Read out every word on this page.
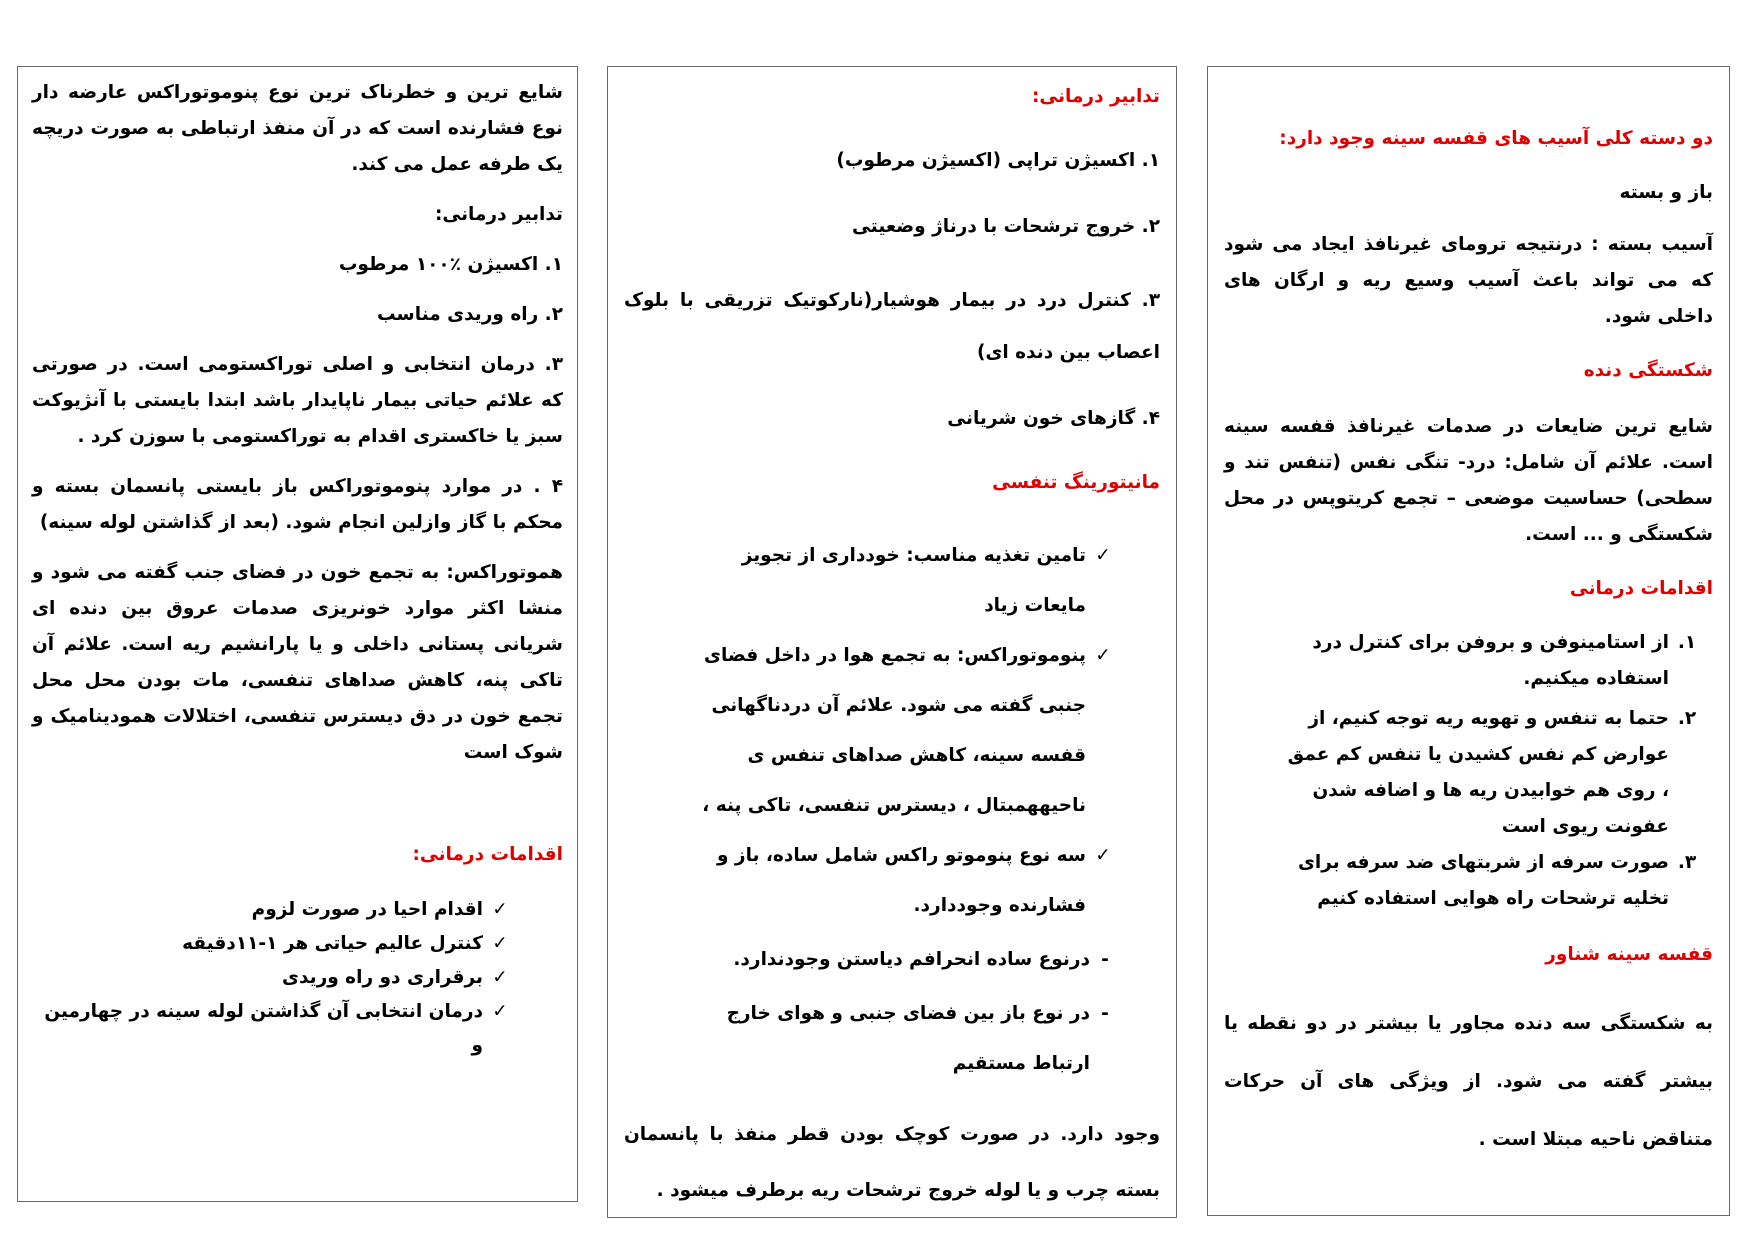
دو دسته کلی آسیب های قفسه سینه وجود دارد:

باز و بسته

آسیب بسته : درنتیجه ترومای غیرنافذ ایجاد می شود که می تواند باعث آسیب وسیع ریه و ارگان های داخلی شود.

شکستگی دنده

شایع ترین ضایعات در صدمات غیرنافذ قفسه سینه است. علائم آن شامل: درد- تنگی نفس (تنفس تند و سطحی) حساسیت موضعی – تجمع کریتوپس در محل شکستگی و ... است.

اقدامات درمانی

۱.
از استامینوفن و بروفن برای کنترل درد استفاده میکنیم.
۲.
حتما به تنفس و تهویه ریه توجه کنیم، از عوارض کم نفس کشیدن یا تنفس کم عمق ، روی هم خوابیدن ریه ها و اضافه شدن عفونت ریوی است
۳.
صورت سرفه از شربتهای ضد سرفه برای تخلیه ترشحات راه هوایی استفاده کنیم

قفسه سینه شناور

به شکستگی سه دنده مجاور یا بیشتر در دو نقطه یا بیشتر گفته می شود. از ویژگی های آن حرکات متناقض ناحیه مبتلا است .

تدابیر درمانی:

۱. اکسیژن تراپی (اکسیژن مرطوب)

۲. خروج ترشحات با درناژ وضعیتی

۳. کنترل درد در بیمار هوشیار(نارکوتیک تزریقی با بلوک اعصاب بین دنده ای)

۴. گازهای خون شریانی

مانیتورینگ تنفسی

✓
تامین تغذیه مناسب: خودداری از تجویز مایعات زیاد
✓
پنوموتوراکس: به تجمع هوا در داخل فضای جنبی گفته می شود. علائم آن دردناگهانی قفسه سینه، کاهش صداهای تنفس ی ناحیههمبتال ، دیسترس تنفسی، تاکی پنه ،
✓
سه نوع پنوموتو راکس شامل ساده، باز و فشارنده وجوددارد.
-
درنوع ساده انحرافم دیاستن وجودندارد.
-
در نوع باز بین فضای جنبی و هوای خارج ارتباط مستقیم

وجود دارد. در صورت کوچک بودن قطر منفذ با پانسمان بسته چرب و یا لوله خروج ترشحات ریه برطرف میشود .

شایع ترین و خطرناک ترین نوع پنوموتوراکس عارضه دار نوع فشارنده است که در آن منفذ ارتباطی به صورت دریچه یک طرفه عمل می کند.

تدابیر درمانی:

۱. اکسیژن ٪۱۰۰ مرطوب

۲. راه وریدی مناسب

۳. درمان انتخابی و اصلی توراکستومی است. در صورتی که علائم حیاتی بیمار ناپایدار باشد ابتدا بایستی با آنژیوکت سبز یا خاکستری اقدام به توراکستومی با سوزن کرد .

۴ . در موارد پنوموتوراکس باز بایستی پانسمان بسته و محکم با گاز وازلین انجام شود. (بعد از گذاشتن لوله سینه)

هموتوراکس: به تجمع خون در فضای جنب گفته می شود و منشا اکثر موارد خونریزی صدمات عروق بین دنده ای شریانی پستانی داخلی و یا پارانشیم ریه است. علائم آن تاکی پنه، کاهش صداهای تنفسی، مات بودن محل محل تجمع خون در دق دیسترس تنفسی، اختلالات همودینامیک و شوک است

اقدامات درمانی:

✓
اقدام احیا در صورت لزوم
✓
کنترل عالیم حیاتی هر ۱-۱۱دقیقه
✓
برقراری دو راه وریدی
✓
درمان انتخابی آن گذاشتن لوله سینه در چهارمین و
